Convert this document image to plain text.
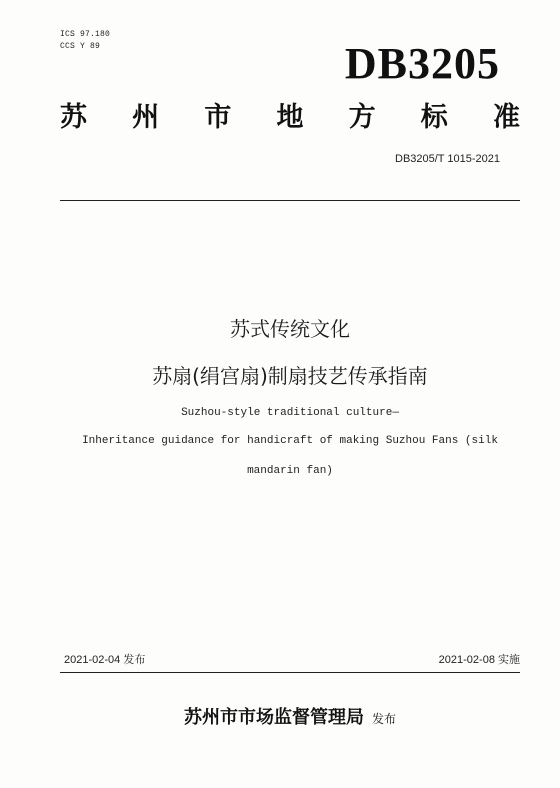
ICS 97.180
CCS Y 89	DB3205
苏 州 市 地 方 标 准
DB3205/T 1015-2021
苏式传统文化
苏扇(绢宫扇)制扇技艺传承指南
Suzhou-style traditional culture—
Inheritance guidance for handicraft of making Suzhou Fans (silk
mandarin fan)
2021-02-04 发布	2021-02-08 实施
苏州市市场监督管理局 发布
